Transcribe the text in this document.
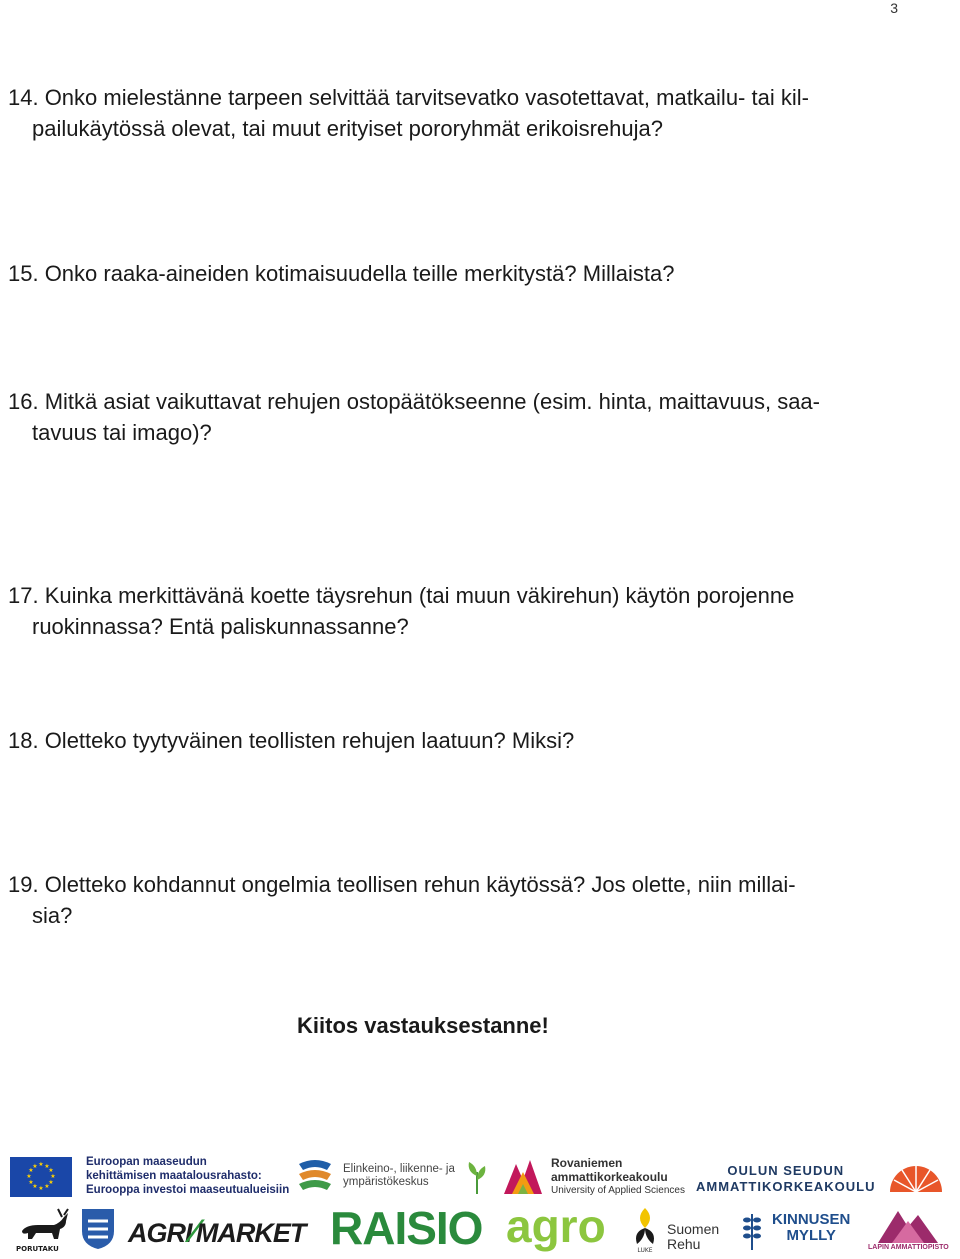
3
14. Onko mielestänne tarpeen selvittää tarvitsevatko vasotettavat, matkailu- tai kil-
pailukäytössä olevat, tai muut erityiset pororyhmät erikoisrehuja?
15. Onko raaka-aineiden kotimaisuudella teille merkitystä? Millaista?
16. Mitkä asiat vaikuttavat rehujen ostopäätökseenne (esim. hinta, maittavuus, saa-
tavuus tai imago)?
17. Kuinka merkittävänä koette täysrehun (tai muun väkirehun) käytön porojenne
ruokinnassa? Entä paliskunnassanne?
18. Oletteko tyytyväinen teollisten rehujen laatuun? Miksi?
19. Oletteko kohdannut ongelmia teollisen rehun käytössä? Jos olette, niin millai-
sia?
Kiitos vastauksestanne!
★ ★
★
★
★
★
★
★
★
★
★
★	Euroopan maaseudun
kehittämisen maatalousrahasto:
Eurooppa investoi maaseutualueisiin
Elinkeino-, liikenne- ja
ympäristökeskus
Rovaniemen
ammattikorkeakoulu
University of Applied Sciences
OULUN SEUDUN
AMMATTIKORKEAKOULU
PORUTAKU
AGRI⁄MARKET RAISIO agro	LUKE
Suomen
Rehu
KINNUSEN
MYLLY
LAPIN AMMATTIOPISTO
